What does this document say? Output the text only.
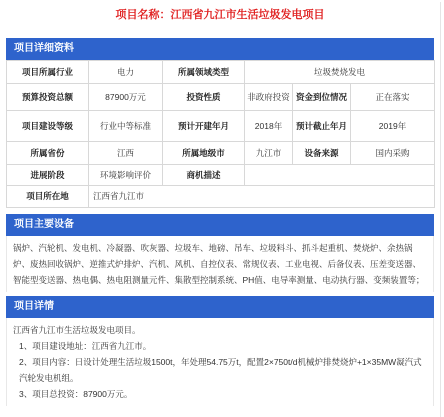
项目名称：江西省九江市生活垃圾发电项目
项目详细资料
项目所属行业	电力	所属领域类型	垃圾焚烧发电		
预算投资总额	87900万元	投资性质	非政府投资	资金到位情况	正在落实
项目建设等级	行业中等标准	预计开建年月	2018年	预计截止年月	2019年
所属省份	江西	所属地级市	九江市	设备来源	国内采购
进展阶段	环境影响评价	商机描述			
项目所在地	江西省九江市				
项目主要设备
锅炉、汽轮机、发电机、冷凝器、吹灰器、垃圾车、地磅、吊车、垃圾料斗、抓斗起重机、焚烧炉、余热锅炉、废热回收锅炉、逆推式炉排炉、汽机、风机、自控仪表、常规仪表、工业电视、后备仪表、压差变送器、智能型变送器、热电偶、热电阻测量元件、集散型控制系统、PH值、电导率测量、电动执行器、变频装置等；
项目详情

江西省九江市生活垃圾发电项目。

1、项目建设地址：江西省九江市。

2、项目内容：日设计处理生活垃圾1500t，年处理54.75万t，配置2×750t/d机械炉排焚烧炉+1×35MW凝汽式汽轮发电机组。

3、项目总投资：87900万元。
